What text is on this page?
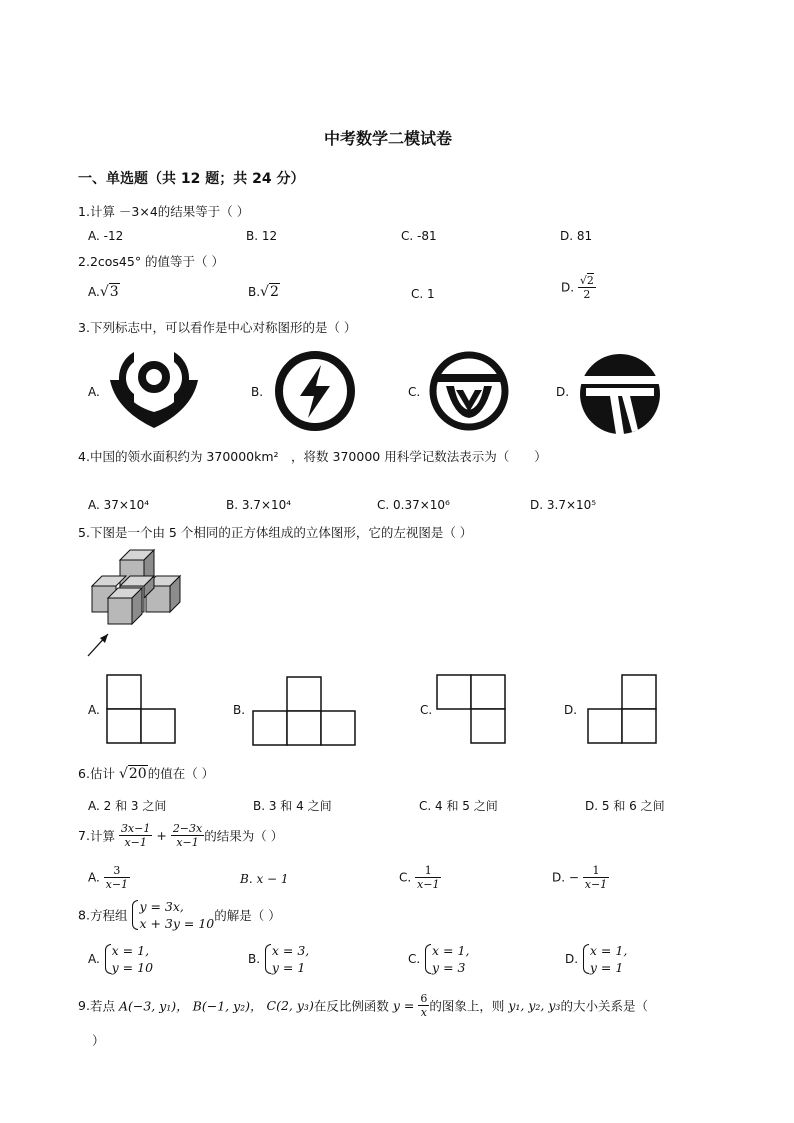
中考数学二模试卷
一、单选题（共 12 题；共 24 分）
1.计算 －3×4的结果等于（ ）
A. -12	B. 12	C. -81	D. 81
2.2cos45° 的值等于（ ）
A.√3	B.√2	C. 1	D. $\frac{√2}{2}$
3.下列标志中，可以看作是中心对称图形的是（ ）
A.	B.	C.	D.
4.中国的领水面积约为 370000km²　，将数 370000 用科学记数法表示为（　　）
A. 37×10⁴	B. 3.7×10⁴	C. 0.37×10⁶	D. 3.7×10⁵
5.下图是一个由 5 个相同的正方体组成的立体图形，它的左视图是（ ）
A.	B.	C.	D.
6.估计 √20的值在（ ）
A. 2 和 3 之间	B. 3 和 4 之间	C. 4 和 5 之间	D. 5 和 6 之间
7.计算 $\frac{3x-1}{x-1} + \frac{2-3x}{x-1}$ 的结果为（ ）
A. $\frac{3}{x-1}$	B. x − 1	C. $\frac{1}{x-1}$	D. − $\frac{1}{x-1}$
8.方程组 y = 3x,
x + 3y = 10的解是（ ）
A. x = 1,
y = 10
B. x = 3,
y = 1
C. x = 1,
y = 3
D. x = 1,
y = 1
9.若点 A(−3, y₁)， B(−1, y₂)， C(2, y₃)在反比例函数 $y = \frac{6}{x}$ 的图象上，则 y₁, y₂, y₃的大小关系是（
）
